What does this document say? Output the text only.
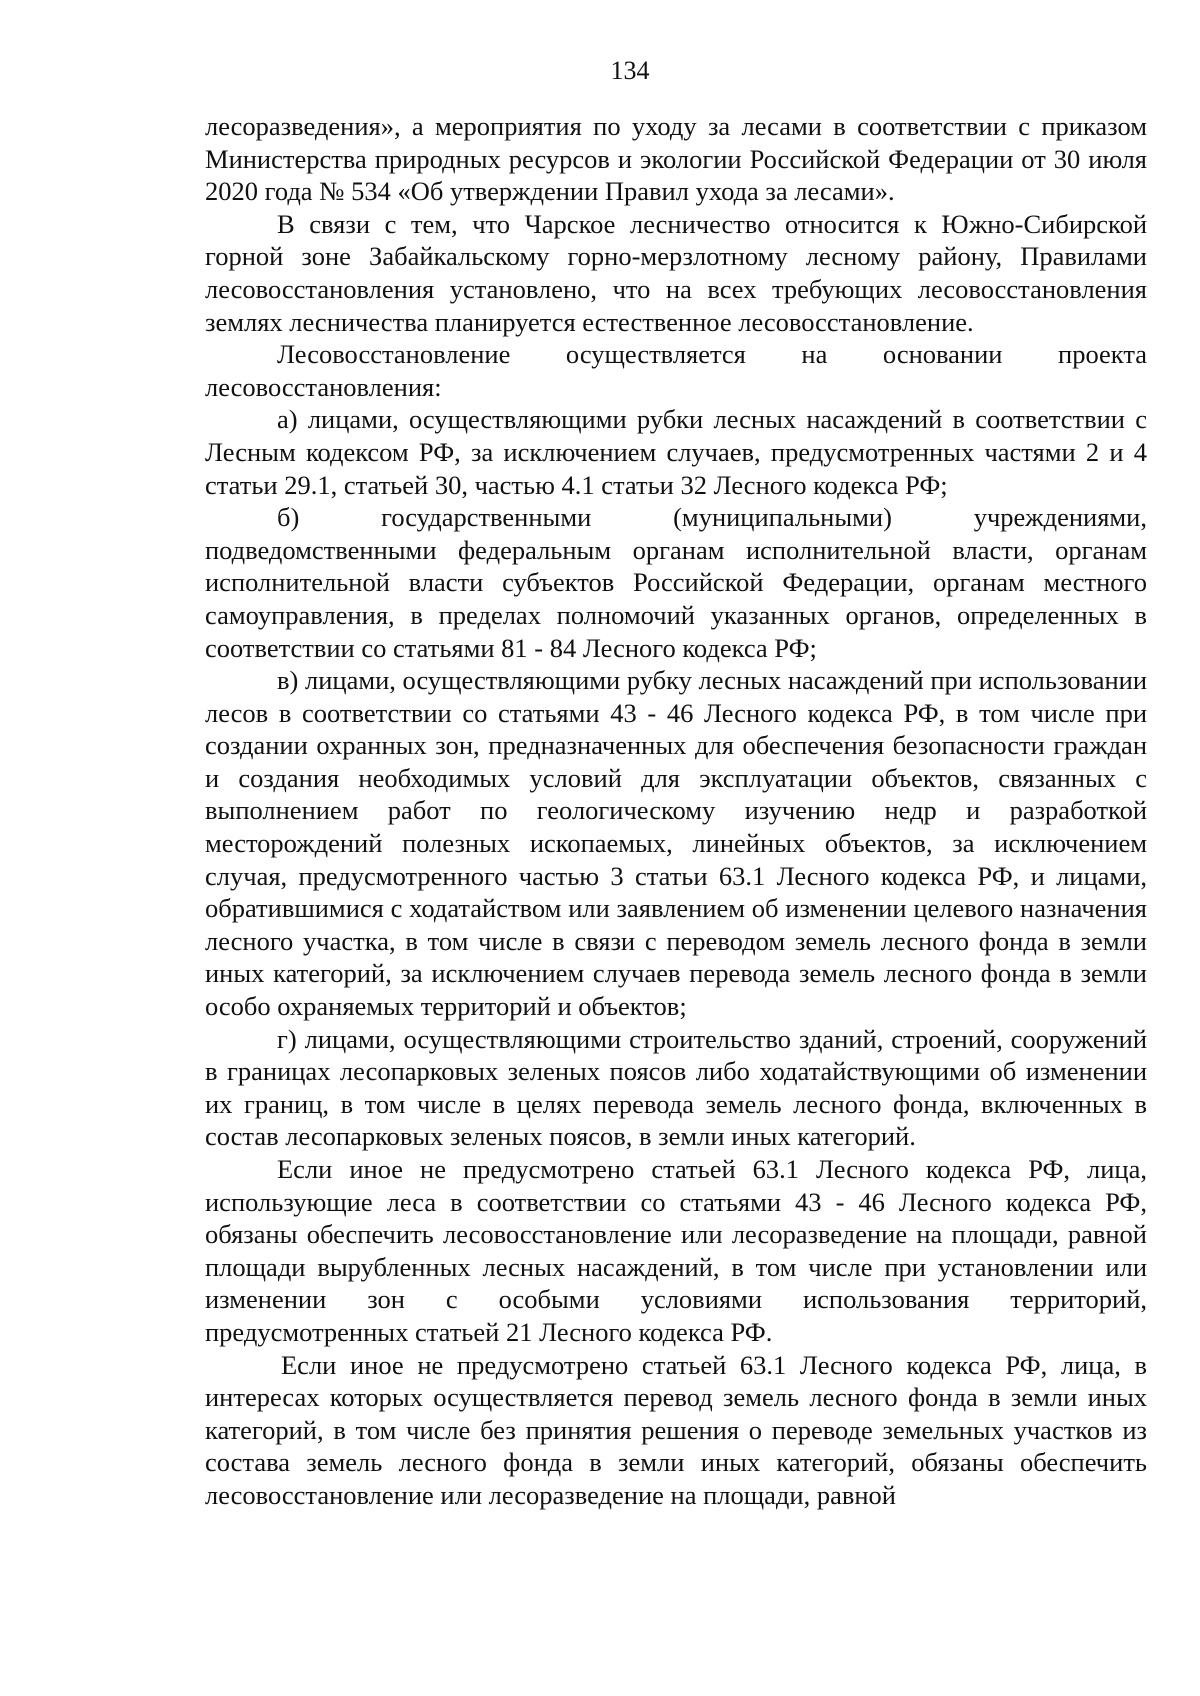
134

лесоразведения», а мероприятия по уходу за лесами в соответствии с приказом Министерства природных ресурсов и экологии Российской Федерации от 30 июля 2020 года № 534 «Об утверждении Правил ухода за лесами».

В связи с тем, что Чарское лесничество относится к Южно-Сибирской горной зоне Забайкальскому горно-мерзлотному лесному району, Правилами лесовосстановления установлено, что на всех требующих лесовосстановления землях лесничества планируется естественное лесовосстановление.

Лесовосстановление осуществляется на основании проекта лесовосстановления:

а) лицами, осуществляющими рубки лесных насаждений в соответствии с Лесным кодексом РФ, за исключением случаев, предусмотренных частями 2 и 4 статьи 29.1, статьей 30, частью 4.1 статьи 32 Лесного кодекса РФ;

б) государственными (муниципальными) учреждениями, подведомственными федеральным органам исполнительной власти, органам исполнительной власти субъектов Российской Федерации, органам местного самоуправления, в пределах полномочий указанных органов, определенных в соответствии со статьями 81 - 84 Лесного кодекса РФ;

в) лицами, осуществляющими рубку лесных насаждений при использовании лесов в соответствии со статьями 43 - 46 Лесного кодекса РФ, в том числе при создании охранных зон, предназначенных для обеспечения безопасности граждан и создания необходимых условий для эксплуатации объектов, связанных с выполнением работ по геологическому изучению недр и разработкой месторождений полезных ископаемых, линейных объектов, за исключением случая, предусмотренного частью 3 статьи 63.1 Лесного кодекса РФ, и лицами, обратившимися с ходатайством или заявлением об изменении целевого назначения лесного участка, в том числе в связи с переводом земель лесного фонда в земли иных категорий, за исключением случаев перевода земель лесного фонда в земли особо охраняемых территорий и объектов;

г) лицами, осуществляющими строительство зданий, строений, сооружений в границах лесопарковых зеленых поясов либо ходатайствующими об изменении их границ, в том числе в целях перевода земель лесного фонда, включенных в состав лесопарковых зеленых поясов, в земли иных категорий.

Если иное не предусмотрено статьей 63.1 Лесного кодекса РФ, лица, использующие леса в соответствии со статьями 43 - 46 Лесного кодекса РФ, обязаны обеспечить лесовосстановление или лесоразведение на площади, равной площади вырубленных лесных насаждений, в том числе при установлении или изменении зон с особыми условиями использования территорий, предусмотренных статьей 21 Лесного кодекса РФ.

Если иное не предусмотрено статьей 63.1 Лесного кодекса РФ, лица, в интересах которых осуществляется перевод земель лесного фонда в земли иных категорий, в том числе без принятия решения о переводе земельных участков из состава земель лесного фонда в земли иных категорий, обязаны обеспечить лесовосстановление или лесоразведение на площади, равной
